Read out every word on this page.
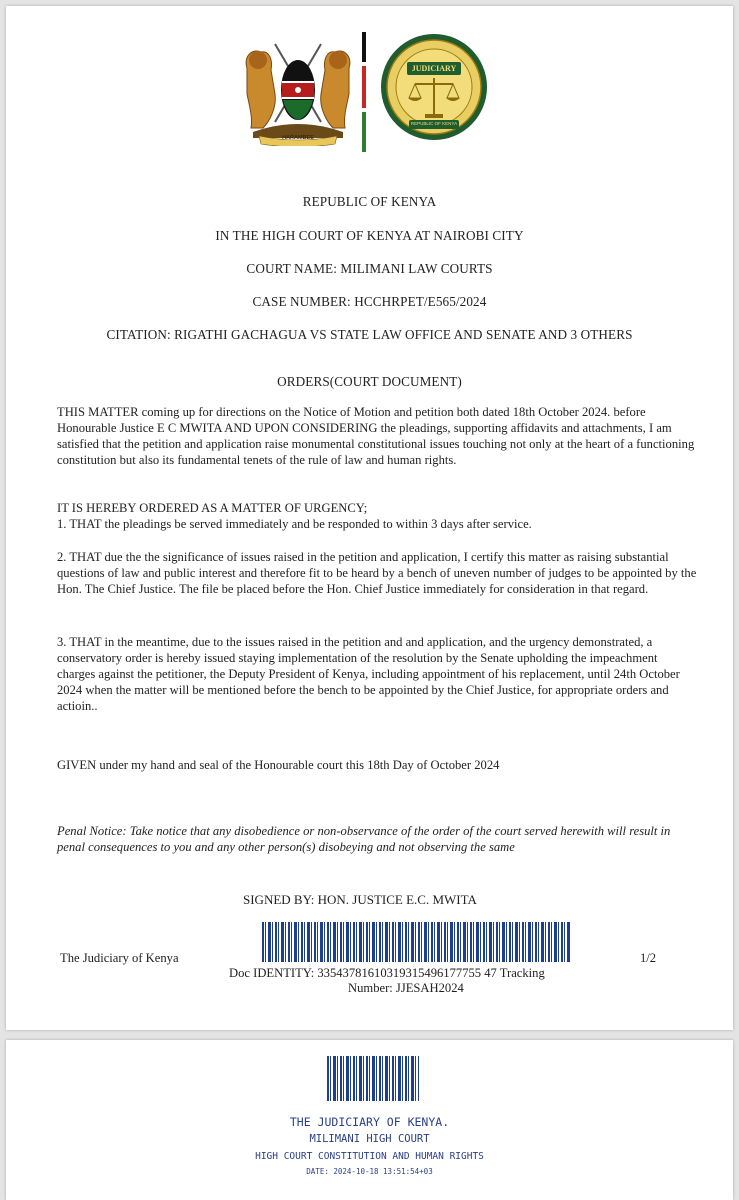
HARAMBEE
JUDICIARY
REPUBLIC OF KENYA
REPUBLIC OF KENYA
IN THE HIGH COURT OF KENYA AT NAIROBI CITY
COURT NAME: MILIMANI LAW COURTS
CASE NUMBER: HCCHRPET/E565/2024
CITATION: RIGATHI GACHAGUA VS STATE LAW OFFICE AND SENATE AND 3 OTHERS
ORDERS(COURT DOCUMENT)
THIS MATTER coming up for directions on the Notice of Motion and petition both dated 18th October 2024. before Honourable Justice E C MWITA AND UPON CONSIDERING the pleadings, supporting affidavits and attachments, I am satisfied that the petition and application raise monumental constitutional issues touching not only at the heart of a functioning constitution but also its fundamental tenets of the rule of law and human rights.
IT IS HEREBY ORDERED AS A MATTER OF URGENCY;
1. THAT the pleadings be served immediately and be responded to within 3 days after service.
2. THAT due the the significance of issues raised in the petition and application, I certify this matter as raising substantial questions of law and public interest and therefore fit to be heard by a bench of uneven number of judges to be appointed by the Hon. The Chief Justice. The file be placed before the Hon. Chief Justice immediately for consideration in that regard.
3. THAT in the meantime, due to the issues raised in the petition and and application, and the urgency demonstrated, a conservatory order is hereby issued staying implementation of the resolution by the Senate upholding the impeachment charges against the petitioner, the Deputy President of Kenya, including appointment of his replacement, until 24th October 2024 when the matter will be mentioned before the bench to be appointed by the Chief Justice, for appropriate orders and actioin..
GIVEN under my hand and seal of the Honourable court this 18th Day of October 2024
Penal Notice: Take notice that any disobedience or non-observance of the order of the court served herewith will result in penal consequences to you and any other person(s) disobeying and not observing the same
SIGNED BY: HON. JUSTICE E.C. MWITA
The Judiciary of Kenya
Doc IDENTITY: 33543781610319315496177755 47 Tracking
Number: JJESAH2024
1/2
THE JUDICIARY OF KENYA.
MILIMANI HIGH COURT
HIGH COURT CONSTITUTION AND HUMAN RIGHTS
DATE: 2024-10-18 13:51:54+03
